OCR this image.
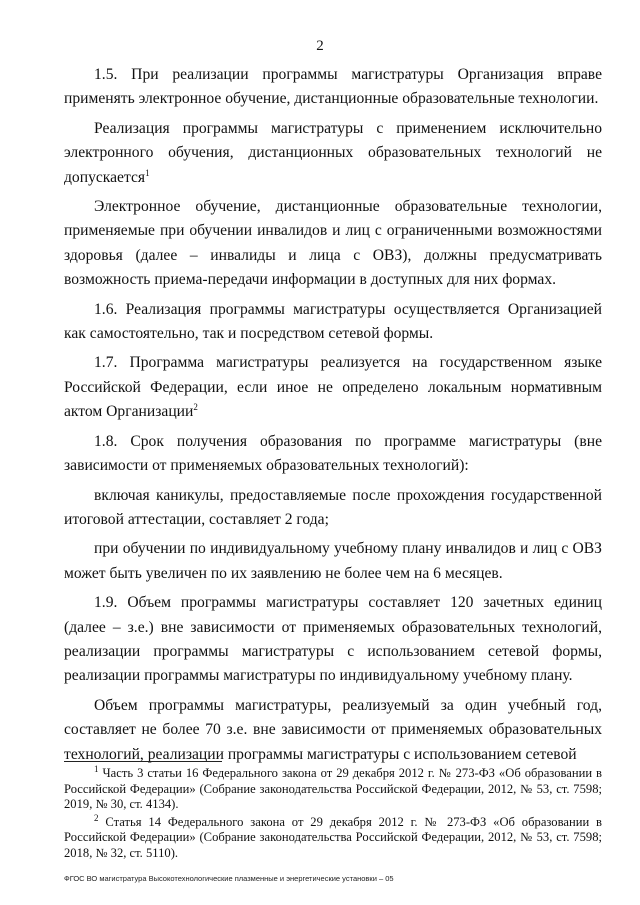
2

1.5. При реализации программы магистратуры Организация вправе применять электронное обучение, дистанционные образовательные технологии.

Реализация программы магистратуры с применением исключительно электронного обучения, дистанционных образовательных технологий не допускается$^1$

Электронное обучение, дистанционные образовательные технологии, применяемые при обучении инвалидов и лиц с ограниченными возможностями здоровья (далее – инвалиды и лица с ОВЗ), должны предусматривать возможность приема-передачи информации в доступных для них формах.

1.6. Реализация программы магистратуры осуществляется Организацией как самостоятельно, так и посредством сетевой формы.

1.7. Программа магистратуры реализуется на государственном языке Российской Федерации, если иное не определено локальным нормативным актом Организации$^2$

1.8. Срок получения образования по программе магистратуры (вне зависимости от применяемых образовательных технологий):

включая каникулы, предоставляемые после прохождения государственной итоговой аттестации, составляет 2 года;

при обучении по индивидуальному учебному плану инвалидов и лиц с ОВЗ может быть увеличен по их заявлению не более чем на 6 месяцев.

1.9. Объем программы магистратуры составляет 120 зачетных единиц (далее – з.е.) вне зависимости от применяемых образовательных технологий, реализации программы магистратуры с использованием сетевой формы, реализации программы магистратуры по индивидуальному учебному плану.

Объем программы магистратуры, реализуемый за один учебный год, составляет не более 70 з.е. вне зависимости от применяемых образовательных технологий, реализации программы магистратуры с использованием сетевой

$^1$ Часть 3 статьи 16 Федерального закона от 29 декабря 2012 г. № 273-ФЗ «Об образовании в Российской Федерации» (Собрание законодательства Российской Федерации, 2012, № 53, ст. 7598; 2019, № 30, ст. 4134).

$^2$ Статья 14 Федерального закона от 29 декабря 2012 г. № 273-ФЗ «Об образовании в Российской Федерации» (Собрание законодательства Российской Федерации, 2012, № 53, ст. 7598; 2018, № 32, ст. 5110).

ФГОС ВО магистратура Высокотехнологические плазменные и энергетические установки – 05
